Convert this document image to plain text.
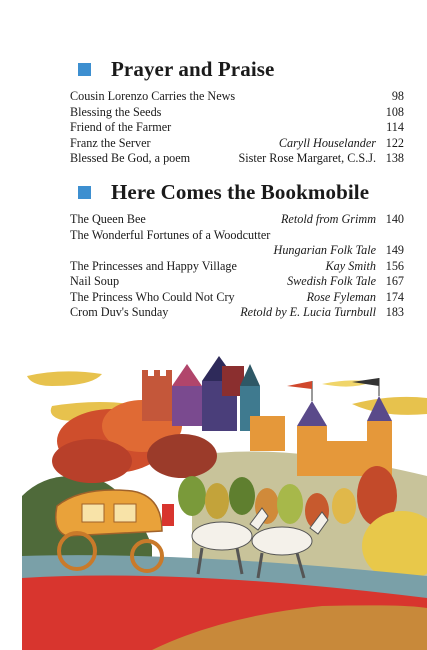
Prayer and Praise
Cousin Lorenzo Carries the News	98
Blessing the Seeds	108
Friend of the Farmer	114
Franz the Server	Caryll Houselander 122
Blessed Be God, a poem	Sister Rose Margaret, C.S.J. 138
Here Comes the Bookmobile
The Queen Bee	Retold from Grimm 140
The Wonderful Fortunes of a Woodcutter
Hungarian Folk Tale 149
The Princesses and Happy Village	Kay Smith 156
Nail Soup	Swedish Folk Tale 167
The Princess Who Could Not Cry	Rose Fyleman 174
Crom Duv's Sunday	Retold by E. Lucia Turnbull 183
